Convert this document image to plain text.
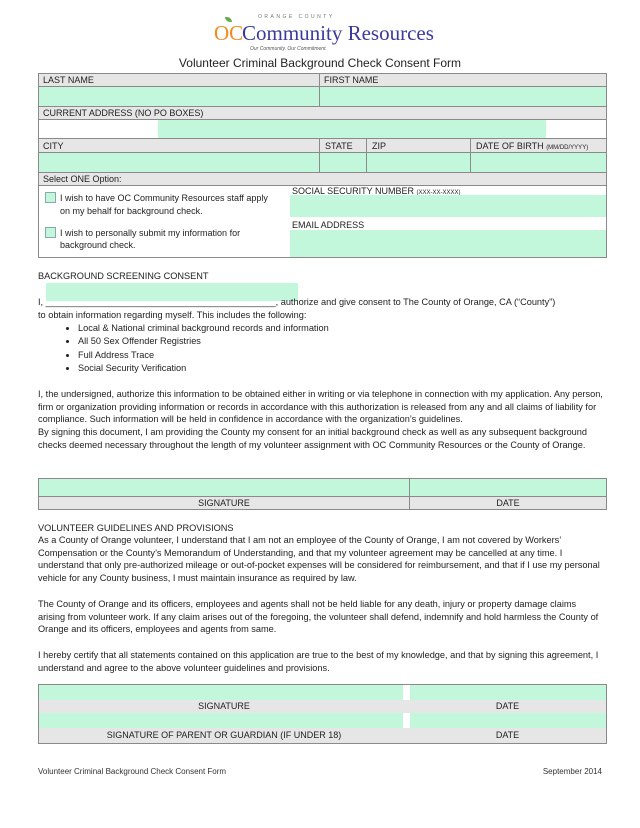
ORANGE COUNTY
OC
Community Resources
Our Community. Our Commitment.
Volunteer Criminal Background Check Consent Form
LAST NAME	FIRST NAME
CURRENT ADDRESS (NO PO BOXES)
CITY	STATE ZIP	DATE OF BIRTH (MM/DD/YYYY)
Select ONE Option:
I wish to have OC Community Resources staff apply
on my behalf for background check.
I wish to personally submit my information for
background check.
SOCIAL SECURITY NUMBER (XXX-XX-XXXX)
EMAIL ADDRESS
BACKGROUND SCREENING CONSENT
I, _____________________________________________, authorize and give consent to The County of Orange, CA (“County”)
to obtain information regarding myself. This includes the following:
• Local & National criminal background records and information
• All 50 Sex Offender Registries
• Full Address Trace
• Social Security Verification
I, the undersigned, authorize this information to be obtained either in writing or via telephone in connection with my application. Any person, firm or organization providing information or records in accordance with this authorization is released from any and all claims of liability for compliance. Such information will be held in confidence in accordance with the organization’s guidelines.
By signing this document, I am providing the County my consent for an initial background check as well as any subsequent background checks deemed necessary throughout the length of my volunteer assignment with OC Community Resources or the County of Orange.
SIGNATURE	DATE
VOLUNTEER GUIDELINES AND PROVISIONS
As a County of Orange volunteer, I understand that I am not an employee of the County of Orange, I am not covered by Workers’ Compensation or the County’s Memorandum of Understanding, and that my volunteer agreement may be cancelled at any time. I understand that only pre-authorized mileage or out-of-pocket expenses will be considered for reimbursement, and that if I use my personal vehicle for any County business, I must maintain insurance as required by law.
The County of Orange and its officers, employees and agents shall not be held liable for any death, injury or property damage claims arising from volunteer work. If any claim arises out of the foregoing, the volunteer shall defend, indemnify and hold harmless the County of Orange and its officers, employees and agents from same.
I hereby certify that all statements contained on this application are true to the best of my knowledge, and that by signing this agreement, I understand and agree to the above volunteer guidelines and provisions.
SIGNATURE	DATE
SIGNATURE OF PARENT OR GUARDIAN (IF UNDER 18)	DATE
Volunteer Criminal Background Check Consent Form	September 2014
